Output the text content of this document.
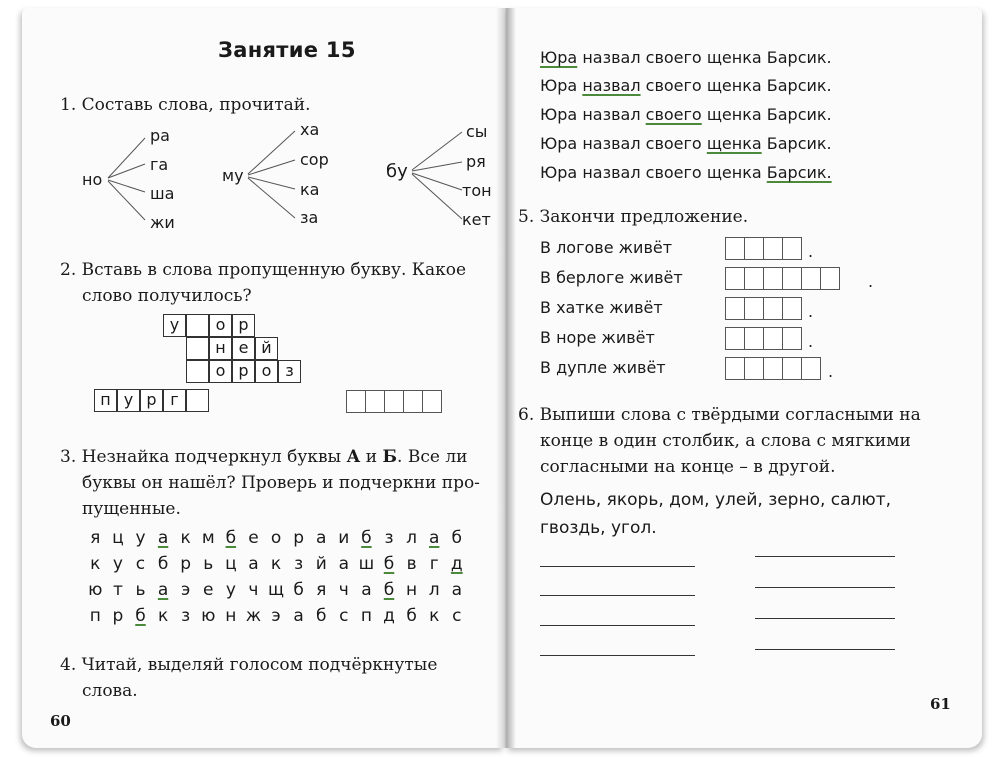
Занятие 15
1. Составь слова, прочитай.
но
ра
га
ша
жи
му
ха
сор
ка
за
бу
сы
ря
тон
кет
2. Вставь в слова пропущенную букву. Какое
слово получилось?
у	о р
н е й
о р о з
п у р г
3. Незнайка подчеркнул буквы А и Б. Все ли
буквы он нашёл? Проверь и подчеркни про-
пущенные.
я ц у а к м б е о р а и б з л а б
к у с б р ь ц а к з й а ш б в г д
ю т ь а э е у ч щ б я ч а б н л а
п р б к з ю н ж э а б с п д б к с
4. Читай, выделяй голосом подчёркнутые
слова.
60
Юра назвал своего щенка Барсик.
Юра назвал своего щенка Барсик.
Юра назвал своего щенка Барсик.
Юра назвал своего щенка Барсик.
Юра назвал своего щенка Барсик.
5. Закончи предложение.
В логове живёт	.
В берлоге живёт	.
В хатке живёт	.
В норе живёт	.
В дупле живёт	.
6. Выпиши слова с твёрдыми согласными на
конце в один столбик, а слова с мягкими
согласными на конце – в другой.
Олень, якорь, дом, улей, зерно, салют,
гвоздь, угол.
61
